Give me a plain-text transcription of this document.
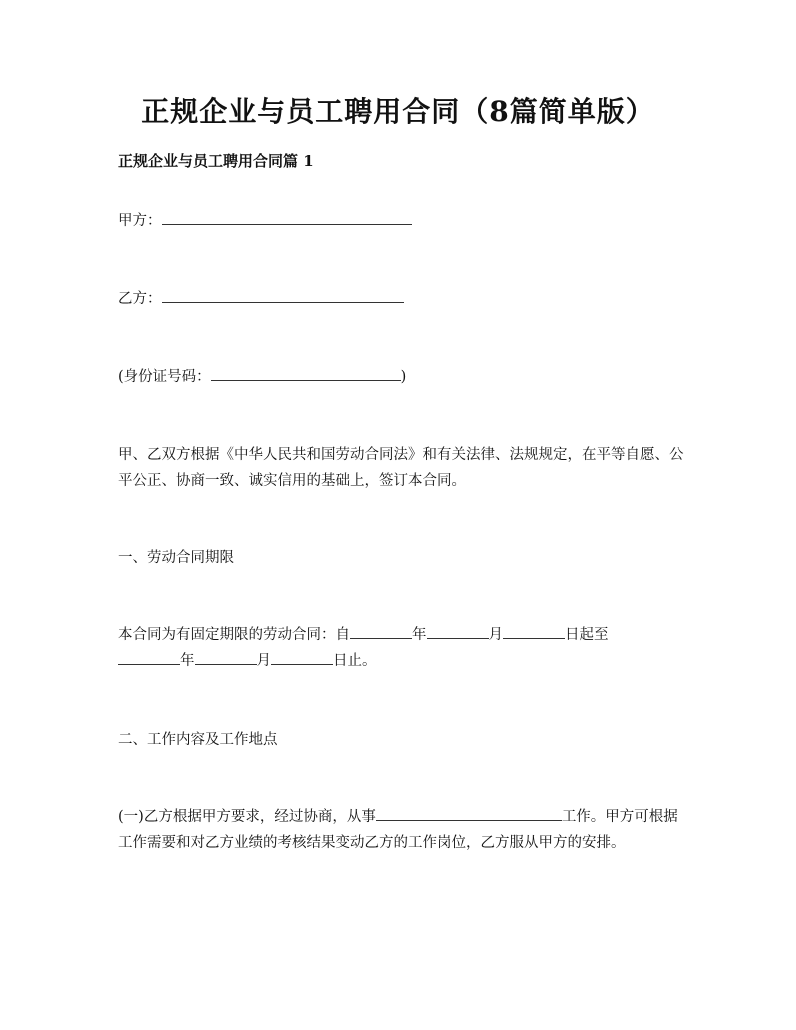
正规企业与员工聘用合同（8篇简单版）
正规企业与员工聘用合同篇 1

甲方：

乙方：

(身份证号码：	)

甲、乙双方根据《中华人民共和国劳动合同法》和有关法律、法规规定，在平等自愿、公平公正、协商一致、诚实信用的基础上，签订本合同。

一、劳动合同期限

本合同为有固定期限的劳动合同：自	年	月	日起至
年	月	日止。

二、工作内容及工作地点

(一)乙方根据甲方要求，经过协商，从事	工作。甲方可根据工作需要和对乙方业绩的考核结果变动乙方的工作岗位，乙方服从甲方的安排。
